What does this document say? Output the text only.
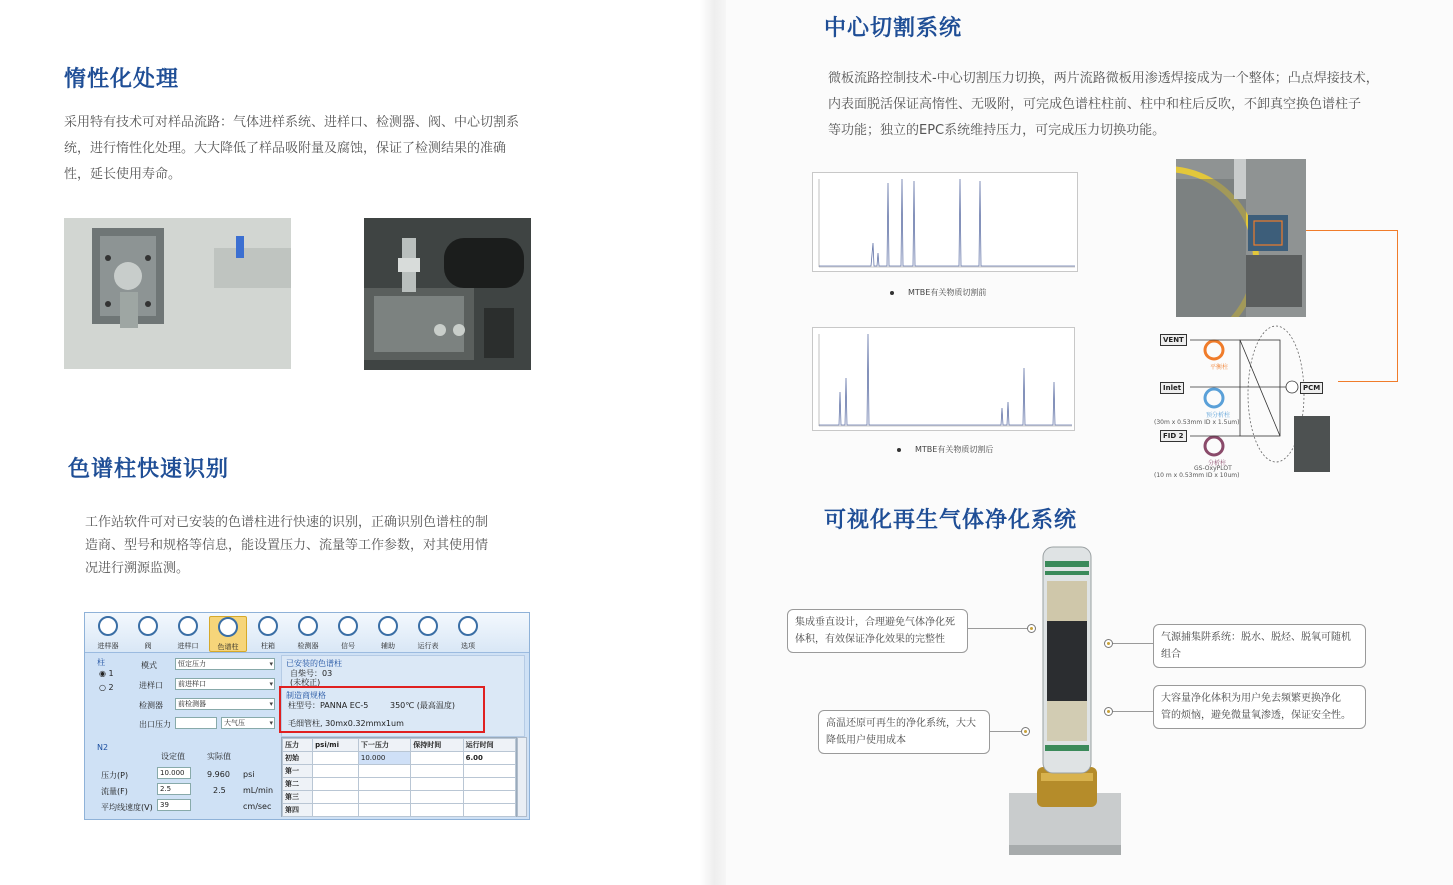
惰性化处理
采用特有技术可对样品流路：气体进样系统、进样口、检测器、阀、中心切割系
统，进行惰性化处理。大大降低了样品吸附量及腐蚀，保证了检测结果的准确
性，延长使用寿命。
色谱柱快速识别
工作站软件可对已安装的色谱柱进行快速的识别，正确识别色谱柱的制
造商、型号和规格等信息，能设置压力、流量等工作参数，对其使用情
况进行溯源监测。
进样器	阀	进样口	色谱柱	柱箱	检测器	信号	辅助	运行表	选项
柱
◉ 1
○ 2
模式	恒定压力 ▾
进样口	前进样口 ▾
检测器	前检测器 ▾
出口压力	大气压 ▾
已安装的色谱柱
自柴号：03
(未校正)
制造商规格
柱型号：PANNA EC-5	350℃ (最高温度)
毛细管柱, 30mx0.32mmx1um
N2
设定值	实际值
压力(P)	10.000	9.960 psi
流量(F)	2.5	2.5 mL/min
平均线速度(V)	39	cm/sec
压力	psi/mi	下一压力	保持时间	运行时间
初始		10.000		6.00
第一				
第二				
第三				
第四				
中心切割系统
微板流路控制技术-中心切割压力切换，两片流路微板用渗透焊接成为一个整体；凸点焊接技术，
内表面脱活保证高惰性、无吸附，可完成色谱柱柱前、柱中和柱后反吹，不卸真空换色谱柱子
等功能；独立的EPC系统维持压力，可完成压力切换功能。
MTBE有关物质切割前
MTBE有关物质切割后
VENT
Inlet
FID 2
PCM
平衡柱
预分析柱
(30m x 0.53mm ID x 1.5um)
分析柱
GS-OxyPLOT
(10 m x 0.53mm ID x 10um)
可视化再生气体净化系统
集成垂直设计，合理避免气体净化死
体积，有效保证净化效果的完整性	气源捕集阱系统：脱水、脱烃、脱氧可随机
组合
大容量净化体积为用户免去频繁更换净化
管的烦恼，避免微量氧渗透，保证安全性。
高温还原可再生的净化系统，大大
降低用户使用成本
